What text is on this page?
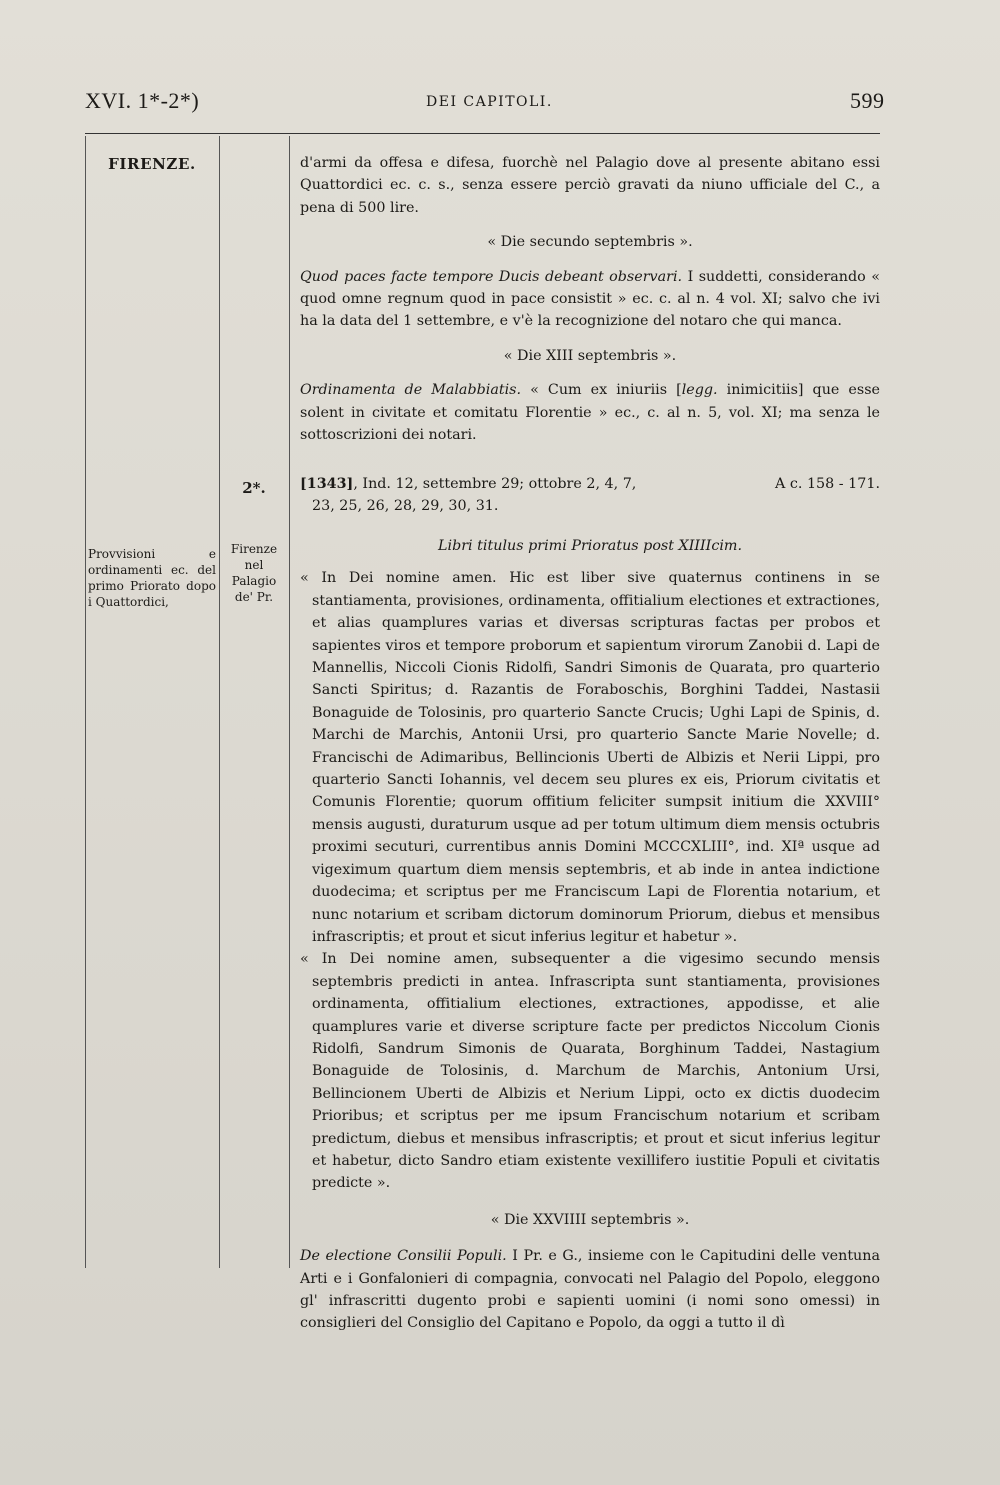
XVI. 1*-2*)	DEI CAPITOLI.	599
FIRENZE.
Provvisioni e ordinamenti ec. del primo Priorato dopo i Quattordici,
2*.
Firenze nel Palagio de' Pr.

d'armi da offesa e difesa, fuorchè nel Palagio dove al presente abitano essi Quattordici ec. c. s., senza essere perciò gravati da niuno ufficiale del C., a pena di 500 lire.

« Die secundo septembris ».

Quod paces facte tempore Ducis debeant observari. I suddetti, considerando « quod omne regnum quod in pace consistit » ec. c. al n. 4 vol. XI; salvo che ivi ha la data del 1 settembre, e v'è la recognizione del notaro che qui manca.

« Die XIII septembris ».

Ordinamenta de Malabbiatis. « Cum ex iniuriis [legg. inimicitiis] que esse solent in civitate et comitatu Florentie » ec., c. al n. 5, vol. XI; ma senza le sottoscrizioni dei notari.

[1343], Ind. 12, settembre 29; ottobre 2, 4, 7,	A c. 158 - 171.
23, 25, 26, 28, 29, 30, 31.

Libri titulus primi Prioratus post XIIIIcim.

« In Dei nomine amen. Hic est liber sive quaternus continens in se stantiamenta, provisiones, ordinamenta, offitialium electiones et extractiones, et alias quamplures varias et diversas scripturas factas per probos et sapientes viros et tempore proborum et sapientum virorum Zanobii d. Lapi de Mannellis, Niccoli Cionis Ridolfi, Sandri Simonis de Quarata, pro quarterio Sancti Spiritus; d. Razantis de Foraboschis, Borghini Taddei, Nastasii Bonaguide de Tolosinis, pro quarterio Sancte Crucis; Ughi Lapi de Spinis, d. Marchi de Marchis, Antonii Ursi, pro quarterio Sancte Marie Novelle; d. Francischi de Adimaribus, Bellincionis Uberti de Albizis et Nerii Lippi, pro quarterio Sancti Iohannis, vel decem seu plures ex eis, Priorum civitatis et Comunis Florentie; quorum offitium feliciter sumpsit initium die XXVIII° mensis augusti, duraturum usque ad per totum ultimum diem mensis octubris proximi secuturi, currentibus annis Domini MCCCXLIII°, ind. XIª usque ad vigeximum quartum diem mensis septembris, et ab inde in antea indictione duodecima; et scriptus per me Franciscum Lapi de Florentia notarium, et nunc notarium et scribam dictorum dominorum Priorum, diebus et mensibus infrascriptis; et prout et sicut inferius legitur et habetur ».

« In Dei nomine amen, subsequenter a die vigesimo secundo mensis septembris predicti in antea. Infrascripta sunt stantiamenta, provisiones ordinamenta, offitialium electiones, extractiones, appodisse, et alie quamplures varie et diverse scripture facte per predictos Niccolum Cionis Ridolfi, Sandrum Simonis de Quarata, Borghinum Taddei, Nastagium Bonaguide de Tolosinis, d. Marchum de Marchis, Antonium Ursi, Bellincionem Uberti de Albizis et Nerium Lippi, octo ex dictis duodecim Prioribus; et scriptus per me ipsum Francischum notarium et scribam predictum, diebus et mensibus infrascriptis; et prout et sicut inferius legitur et habetur, dicto Sandro etiam existente vexillifero iustitie Populi et civitatis predicte ».

« Die XXVIIII septembris ».

De electione Consilii Populi. I Pr. e G., insieme con le Capitudini delle ventuna Arti e i Gonfalonieri di compagnia, convocati nel Palagio del Popolo, eleggono gl' infrascritti dugento probi e sapienti uomini (i nomi sono omessi) in consiglieri del Consiglio del Capitano e Popolo, da oggi a tutto il dì
